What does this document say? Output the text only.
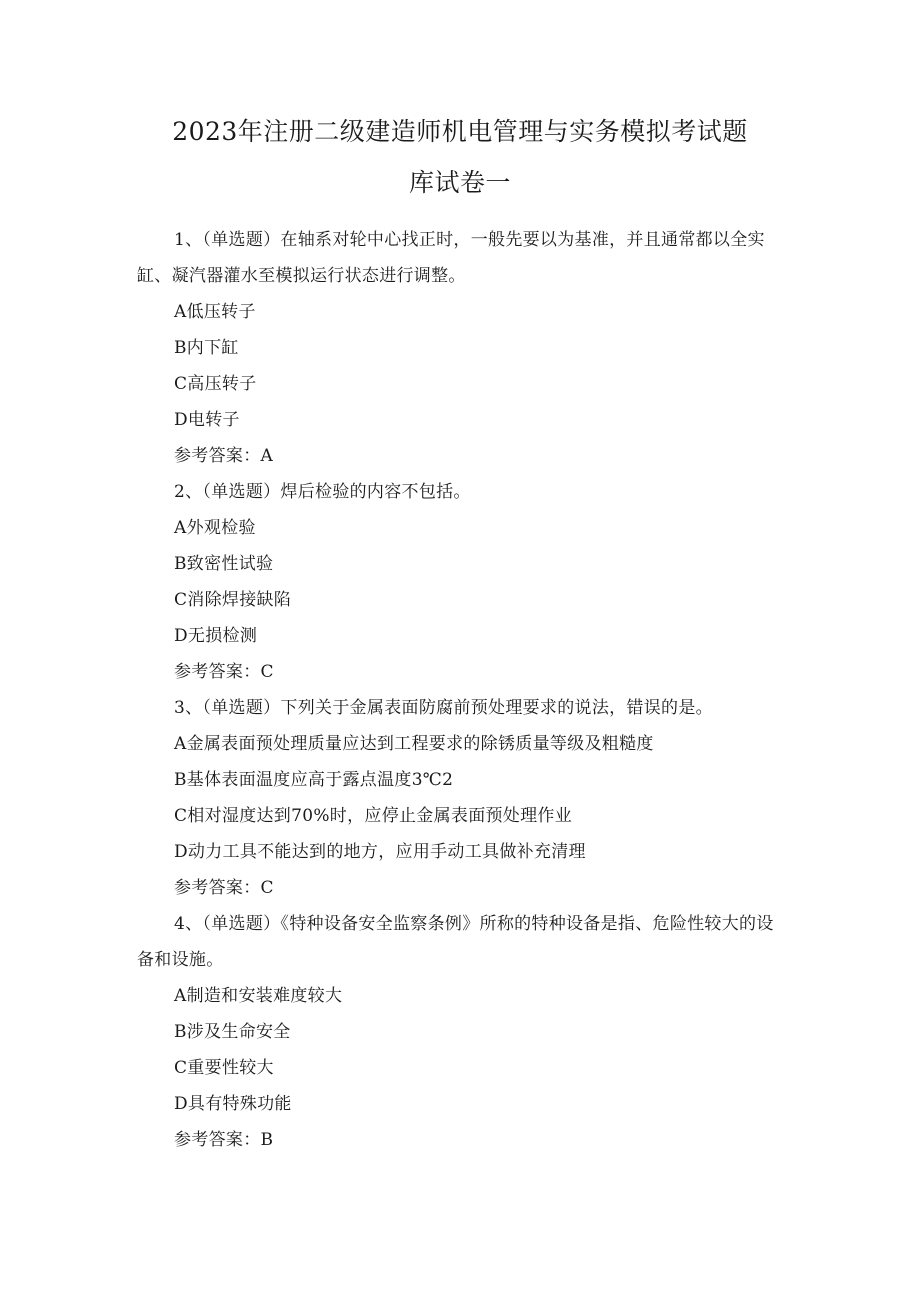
2023年注册二级建造师机电管理与实务模拟考试题
库试卷一

1、（单选题）在轴系对轮中心找正时，一般先要以为基准，并且通常都以全实缸、凝汽器灌水至模拟运行状态进行调整。

A低压转子

B内下缸

C高压转子

D电转子

参考答案：A

2、（单选题）焊后检验的内容不包括。

A外观检验

B致密性试验

C消除焊接缺陷

D无损检测

参考答案：C

3、（单选题）下列关于金属表面防腐前预处理要求的说法，错误的是。

A金属表面预处理质量应达到工程要求的除锈质量等级及粗糙度

B基体表面温度应高于露点温度3℃2

C相对湿度达到70%时，应停止金属表面预处理作业

D动力工具不能达到的地方，应用手动工具做补充清理

参考答案：C

4、（单选题）《特种设备安全监察条例》所称的特种设备是指、危险性较大的设备和设施。

A制造和安装难度较大

B涉及生命安全

C重要性较大

D具有特殊功能

参考答案：B
